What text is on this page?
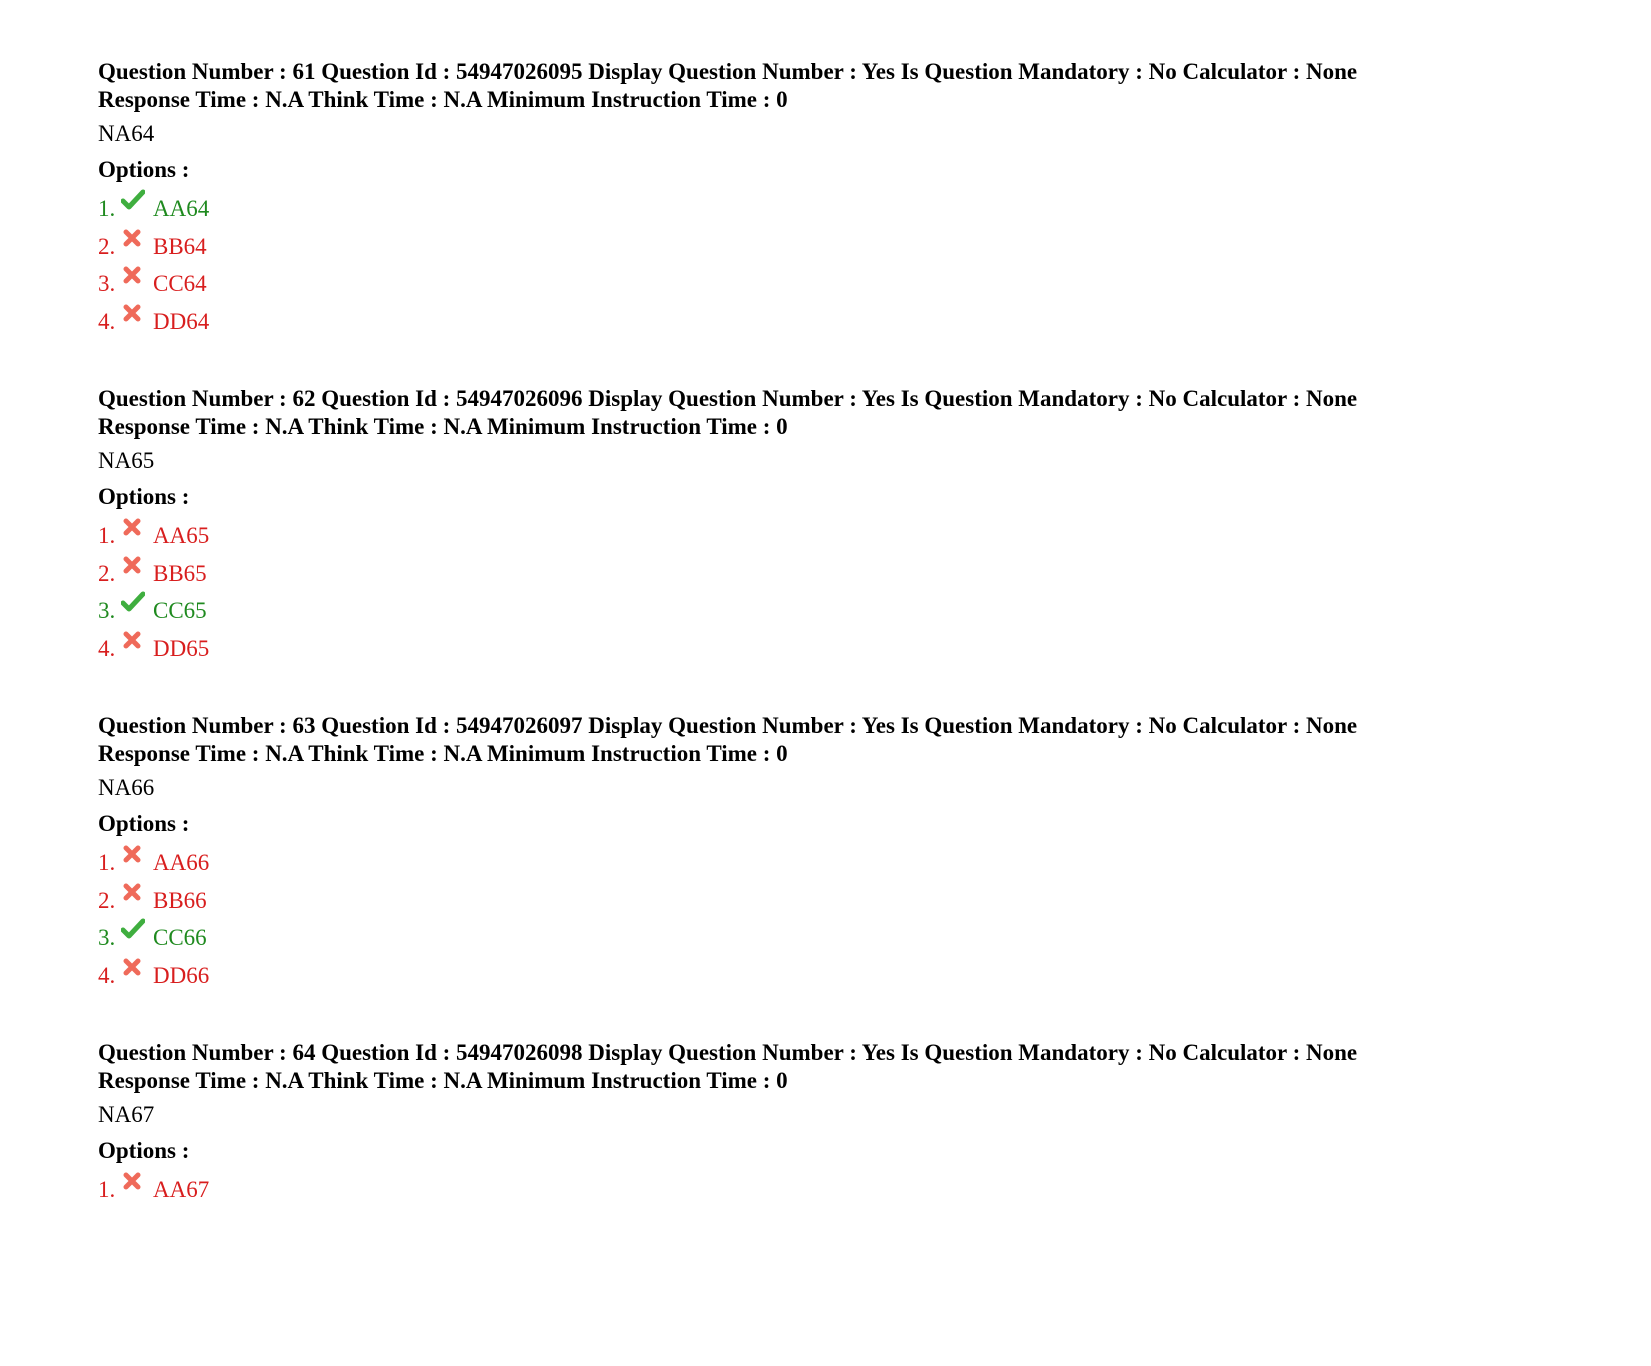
Question Number : 61 Question Id : 54947026095 Display Question Number : Yes Is Question Mandatory : No Calculator : None
Response Time : N.A Think Time : N.A Minimum Instruction Time : 0
NA64
Options :
1.	AA64
2.	BB64
3.	CC64
4.	DD64
Question Number : 62 Question Id : 54947026096 Display Question Number : Yes Is Question Mandatory : No Calculator : None
Response Time : N.A Think Time : N.A Minimum Instruction Time : 0
NA65
Options :
1.	AA65
2.	BB65
3.	CC65
4.	DD65
Question Number : 63 Question Id : 54947026097 Display Question Number : Yes Is Question Mandatory : No Calculator : None
Response Time : N.A Think Time : N.A Minimum Instruction Time : 0
NA66
Options :
1.	AA66
2.	BB66
3.	CC66
4.	DD66
Question Number : 64 Question Id : 54947026098 Display Question Number : Yes Is Question Mandatory : No Calculator : None
Response Time : N.A Think Time : N.A Minimum Instruction Time : 0
NA67
Options :
1.	AA67
